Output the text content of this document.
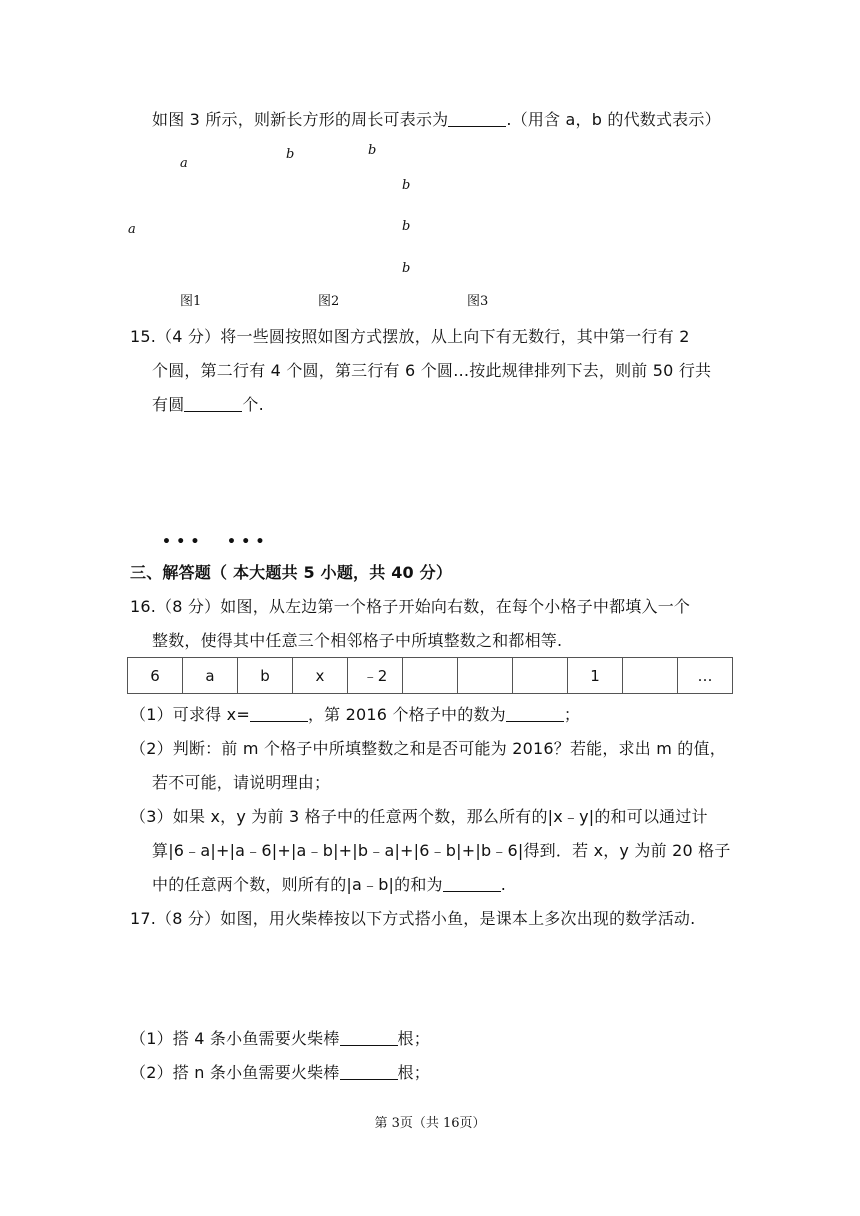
如图 3 所示，则新长方形的周长可表示为	.（用含 a，b 的代数式表示）
a
a
图1
b	b
b
b
b
图2	图3
15.（4 分）将一些圆按照如图方式摆放，从上向下有无数行，其中第一行有 2
个圆，第二行有 4 个圆，第三行有 6 个圆…按此规律排列下去，则前 50 行共
有圆	个.
• • • • • •
三、解答题（ 本大题共 5 小题，共 40 分）
16.（8 分）如图，从左边第一个格子开始向右数，在每个小格子中都填入一个
整数，使得其中任意三个相邻格子中所填整数之和都相等.
6	a	b	x	﹣2				1		…
（1）可求得 x=	，第 2016 个格子中的数为	；
（2）判断：前 m 个格子中所填整数之和是否可能为 2016？若能，求出 m 的值，
若不可能，请说明理由；
（3）如果 x，y 为前 3 格子中的任意两个数，那么所有的|x﹣y|的和可以通过计
算|6﹣a|+|a﹣6|+|a﹣b|+|b﹣a|+|6﹣b|+|b﹣6|得到．若 x，y 为前 20 格子
中的任意两个数，则所有的|a﹣b|的和为	.
17.（8 分）如图，用火柴棒按以下方式搭小鱼，是课本上多次出现的数学活动.
（1）搭 4 条小鱼需要火柴棒	根；
（2）搭 n 条小鱼需要火柴棒	根；
第 3页（共 16页）
